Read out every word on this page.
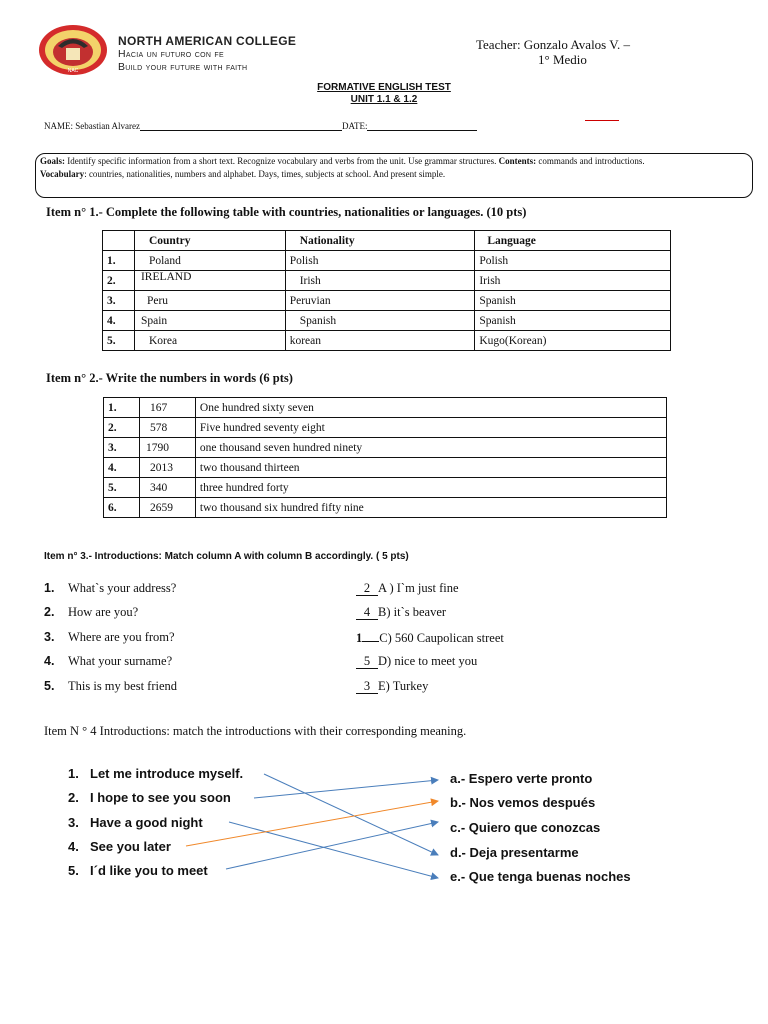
NAC
NORTH AMERICAN COLLEGE
Hacia un futuro con fe
Build your future with faith
Teacher: Gonzalo Avalos V. –
1° Medio
FORMATIVE ENGLISH TEST
UNIT 1.1 & 1.2
NAME: Sebastian Alvarez	DATE:
Goals: Identify specific information from a short text. Recognize vocabulary and verbs from the unit. Use grammar structures. Contents: commands and introductions.
Vocabulary: countries, nationalities, numbers and alphabet. Days, times, subjects at school. And present simple.
Item n° 1.- Complete the following table with countries, nationalities or languages. (10 pts)
	Country	Nationality	Language
1.	Poland	Polish	Polish
2.	IRELAND	Irish	Irish
3.	Peru	Peruvian	Spanish
4.	Spain	Spanish	Spanish
5.	Korea	korean	Kugo(Korean)
Item n° 2.- Write the numbers in words (6 pts)
1.	167	One hundred sixty seven
2.	578	Five hundred seventy eight
3.	1790	one thousand seven hundred ninety
4.	2013	two thousand thirteen
5.	340	three hundred forty
6.	2659	two thousand six hundred fifty nine
Item n° 3.- Introductions: Match column A with column B accordingly. ( 5 pts)
1. What`s your address?
2. How are you?
3. Where are you from?
4. What your surname?
5. This is my best friend
2 A ) I`m just fine
4 B) it`s beaver
1 C) 560 Caupolican street
5 D) nice to meet you
3 E) Turkey
Item N ° 4 Introductions: match the introductions with their corresponding meaning.
1. Let me introduce myself.
2. I hope to see you soon
3. Have a good night
4. See you later
5. I´d like you to meet
a.- Espero verte pronto
b.- Nos vemos después
c.- Quiero que conozcas
d.- Deja presentarme
e.- Que tenga buenas noches
